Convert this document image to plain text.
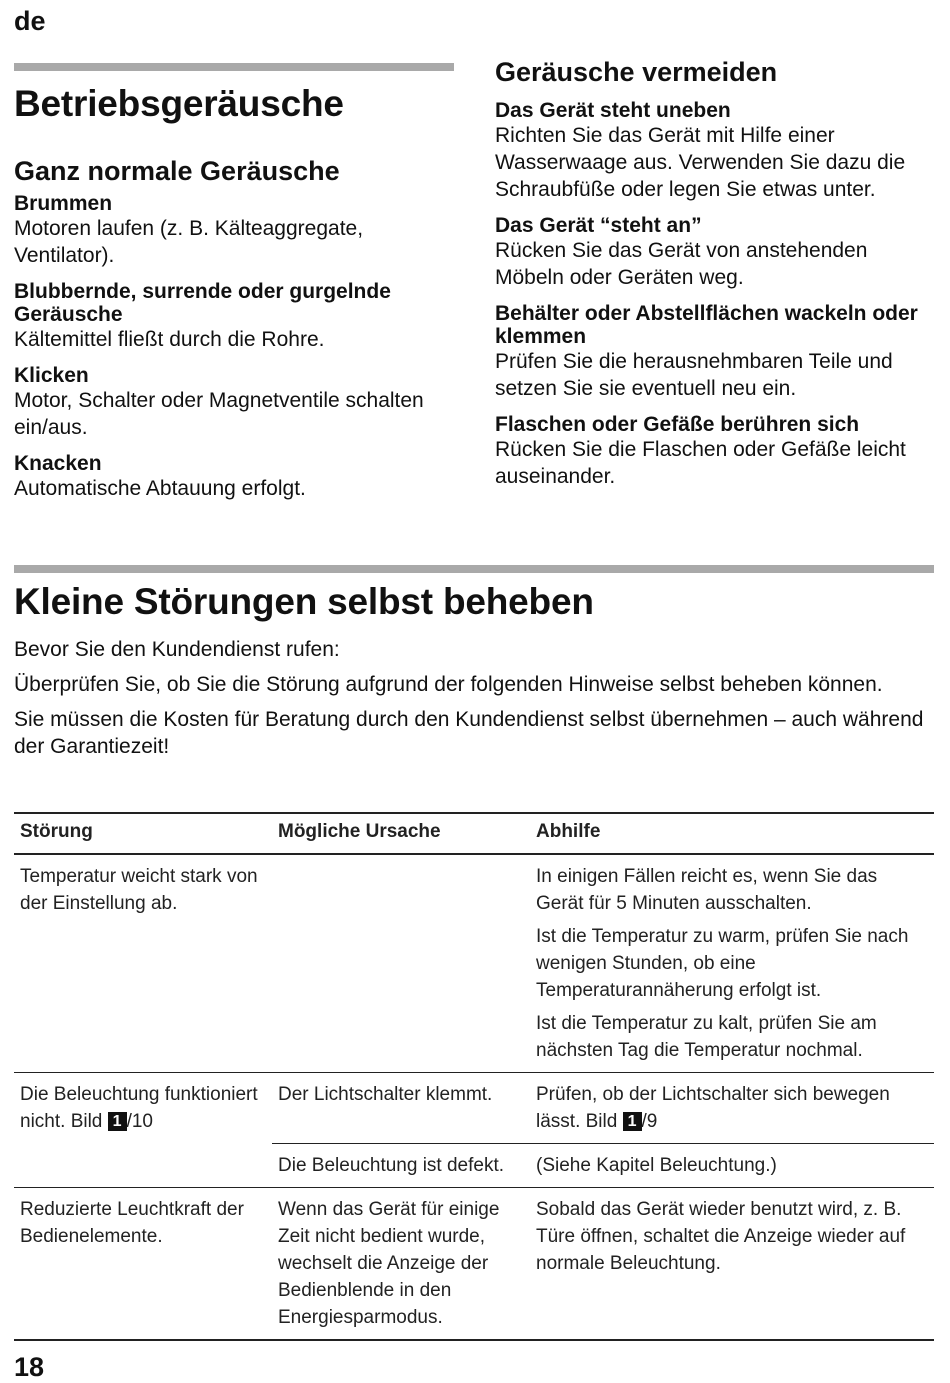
de
Betriebsgeräusche
Ganz normale Geräusche
Brummen
Motoren laufen (z. B. Kälteaggregate, Ventilator).
Blubbernde, surrende oder gurgelnde Geräusche
Kältemittel fließt durch die Rohre.
Klicken
Motor, Schalter oder Magnetventile schalten ein/aus.
Knacken
Automatische Abtauung erfolgt.
Geräusche vermeiden
Das Gerät steht uneben
Richten Sie das Gerät mit Hilfe einer Wasserwaage aus. Verwenden Sie dazu die Schraubfüße oder legen Sie etwas unter.
Das Gerät “steht an”
Rücken Sie das Gerät von anstehenden Möbeln oder Geräten weg.
Behälter oder Abstellflächen wackeln oder klemmen
Prüfen Sie die herausnehmbaren Teile und setzen Sie sie eventuell neu ein.
Flaschen oder Gefäße berühren sich
Rücken Sie die Flaschen oder Gefäße leicht auseinander.
Kleine Störungen selbst beheben

Bevor Sie den Kundendienst rufen:

Überprüfen Sie, ob Sie die Störung aufgrund der folgenden Hinweise selbst beheben können.

Sie müssen die Kosten für Beratung durch den Kundendienst selbst übernehmen – auch während der Garantiezeit!

Störung	Mögliche Ursache	Abhilfe
Temperatur weicht stark von der Einstellung ab.		In einigen Fällen reicht es, wenn Sie das Gerät für 5 Minuten ausschalten.
Ist die Temperatur zu warm, prüfen Sie nach wenigen Stunden, ob eine Temperaturannäherung erfolgt ist.
Ist die Temperatur zu kalt, prüfen Sie am nächsten Tag die Temperatur nochmal.

Die Beleuchtung funktioniert nicht. Bild 1 /10	Der Lichtschalter klemmt.	Prüfen, ob der Lichtschalter sich bewegen lässt. Bild 1 /9
	Die Beleuchtung ist defekt.	(Siehe Kapitel Beleuchtung.)
Reduzierte Leuchtkraft der Bedienelemente.	Wenn das Gerät für einige Zeit nicht bedient wurde, wechselt die Anzeige der Bedienblende in den Energiesparmodus.	Sobald das Gerät wieder benutzt wird, z. B. Türe öffnen, schaltet die Anzeige wieder auf normale Beleuchtung.
18
